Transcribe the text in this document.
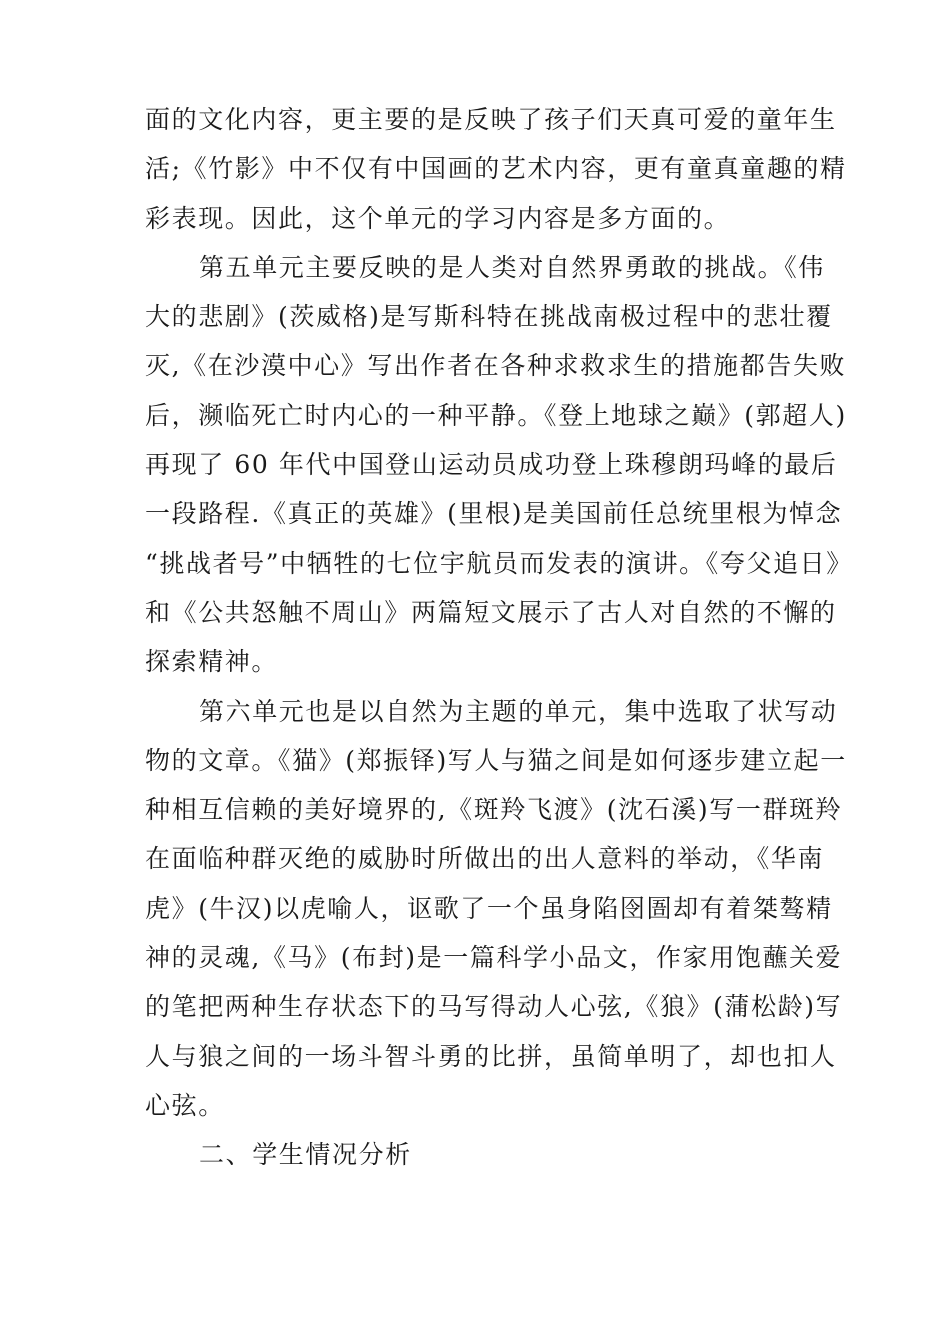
面的文化内容，更主要的是反映了孩子们天真可爱的童年生
活;《竹影》中不仅有中国画的艺术内容，更有童真童趣的精
彩表现。因此，这个单元的学习内容是多方面的。
第五单元主要反映的是人类对自然界勇敢的挑战。《伟
大的悲剧》(茨威格)是写斯科特在挑战南极过程中的悲壮覆
灭,《在沙漠中心》写出作者在各种求救求生的措施都告失败
后，濒临死亡时内心的一种平静。《登上地球之巅》(郭超人)
再现了 60 年代中国登山运动员成功登上珠穆朗玛峰的最后
一段路程.《真正的英雄》(里根)是美国前任总统里根为悼念
“挑战者号”中牺牲的七位宇航员而发表的演讲。《夸父追日》
和《公共怒触不周山》两篇短文展示了古人对自然的不懈的
探索精神。
第六单元也是以自然为主题的单元，集中选取了状写动
物的文章。《猫》(郑振铎)写人与猫之间是如何逐步建立起一
种相互信赖的美好境界的,《斑羚飞渡》(沈石溪)写一群斑羚
在面临种群灭绝的威胁时所做出的出人意料的举动，《华南
虎》(牛汉)以虎喻人，讴歌了一个虽身陷囹圄却有着桀骜精
神的灵魂,《马》(布封)是一篇科学小品文，作家用饱蘸关爱
的笔把两种生存状态下的马写得动人心弦,《狼》(蒲松龄)写
人与狼之间的一场斗智斗勇的比拼，虽简单明了，却也扣人
心弦。
二、学生情况分析
